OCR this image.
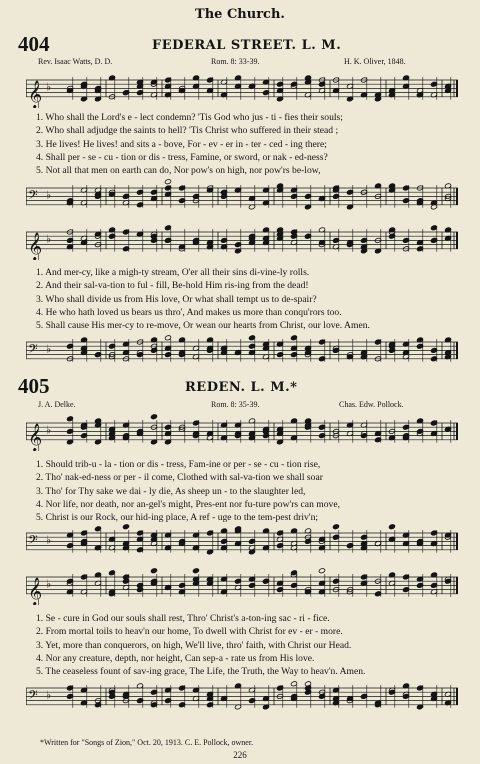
The Church.
404	FEDERAL STREET. L. M.
Rev. Isaac Watts, D. D.	Rom. 8: 33-39.	H. K. Oliver, 1848.
𝄞 ♭
1. Who shall the Lord's e - lect condemn? 'Tis God who jus - ti - fies their souls;
2. Who shall adjudge the saints to hell? 'Tis Christ who suffered in their stead ;
3. He lives! He lives! and sits a - bove, For - ev - er in - ter - ced - ing there;
4. Shall per - se - cu - tion or dis - tress, Famine, or sword, or nak - ed-ness?
5. Not all that men on earth can do, Nor pow's on high, nor pow'rs be-low,
𝄢 ♭
𝄞 ♭
1. And mer-cy, like a migh-ty stream, O'er all their sins di-vine-ly rolls.
2. And their sal-va-tion to ful - fill, Be-hold Him ris-ing from the dead!
3. Who shall divide us from His love, Or what shall tempt us to de-spair?
4. He who hath loved us bears us thro', And makes us more than conqu'rors too.
5. Shall cause His mer-cy to re-move, Or wean our hearts from Christ, our love. Amen.
𝄢 ♭
405	REDEN. L. M.*
J. A. Delke.	Rom. 8: 35-39.	Chas. Edw. Pollock.
𝄞 ♭
1. Should trib-u - la - tion or dis - tress, Fam-ine or per - se - cu - tion rise,
2. Tho' nak-ed-ness or per - il come, Clothed with sal-va-tion we shall soar
3. Tho' for Thy sake we dai - ly die, As sheep un - to the slaughter led,
4. Nor life, nor death, nor an-gel's might, Pres-ent nor fu-ture pow'rs can move,
5. Christ is our Rock, our hid-ing place, A ref - uge to the tem-pest driv'n;
𝄢 ♭
𝄞 ♭
1. Se - cure in God our souls shall rest, Thro' Christ's a-ton-ing sac - ri - fice.
2. From mortal toils to heav'n our home, To dwell with Christ for ev - er - more.
3. Yet, more than conquerors, on high, We'll live, thro' faith, with Christ our Head.
4. Nor any creature, depth, nor height, Can sep-a - rate us from His love.
5. The ceaseless fount of sav-ing grace, The Life, the Truth, the Way to heav'n. Amen.
𝄢 ♭
*Written for "Songs of Zion," Oct. 20, 1913. C. E. Pollock, owner.
226
